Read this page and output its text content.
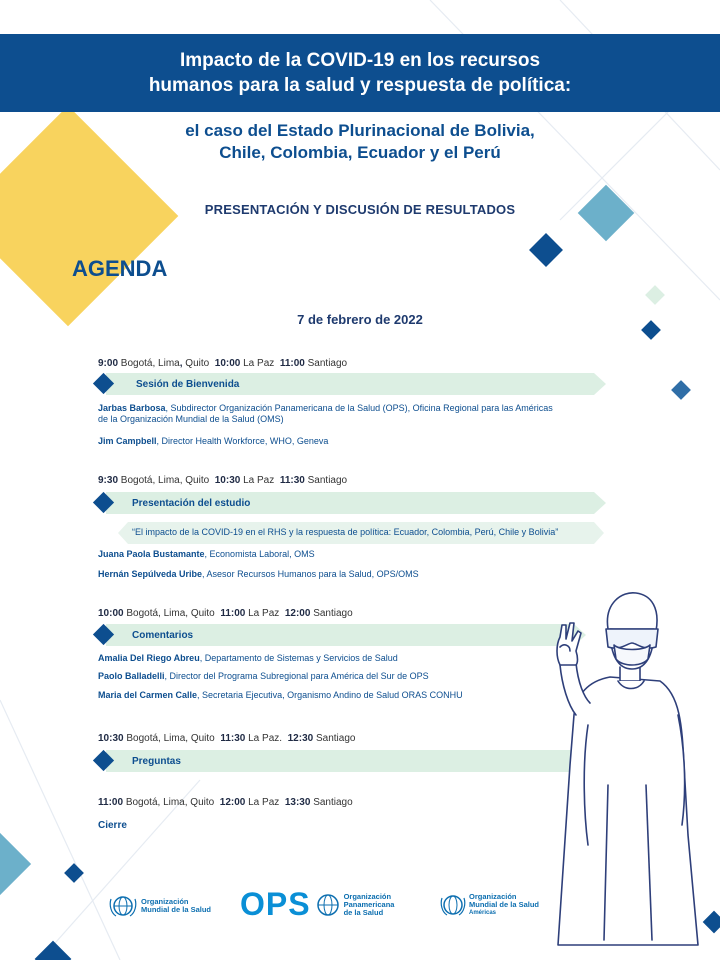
Impacto de la COVID-19 en los recursos
humanos para la salud y respuesta de política:
el caso del Estado Plurinacional de Bolivia,
Chile, Colombia, Ecuador y el Perú
PRESENTACIÓN Y DISCUSIÓN DE RESULTADOS
AGENDA
7 de febrero de 2022
9:00 Bogotá, Lima, Quito 10:00 La Paz 11:00 Santiago
Sesión de Bienvenida
Jarbas Barbosa, Subdirector Organización Panamericana de la Salud (OPS), Oficina Regional para las Américas
de la Organización Mundial de la Salud (OMS)
Jim Campbell, Director Health Workforce, WHO, Geneva
9:30 Bogotá, Lima, Quito 10:30 La Paz 11:30 Santiago
Presentación del estudio
“El impacto de la COVID-19 en el RHS y la respuesta de política: Ecuador, Colombia, Perú, Chile y Bolivia”
Juana Paola Bustamante, Economista Laboral, OMS
Hernán Sepúlveda Uribe, Asesor Recursos Humanos para la Salud, OPS/OMS
10:00 Bogotá, Lima, Quito 11:00 La Paz 12:00 Santiago
Comentarios
Amalia Del Riego Abreu, Departamento de Sistemas y Servicios de Salud
Paolo Balladelli, Director del Programa Subregional para América del Sur de OPS
Maria del Carmen Calle, Secretaria Ejecutiva, Organismo Andino de Salud ORAS CONHU
10:30 Bogotá, Lima, Quito 11:30 La Paz. 12:30 Santiago
Preguntas
11:00 Bogotá, Lima, Quito 12:00 La Paz 13:30 Santiago
Cierre
Organización
Mundial de la Salud OPS	Organización
Panamericana
de la Salud
Organización
Mundial de la Salud
Américas
